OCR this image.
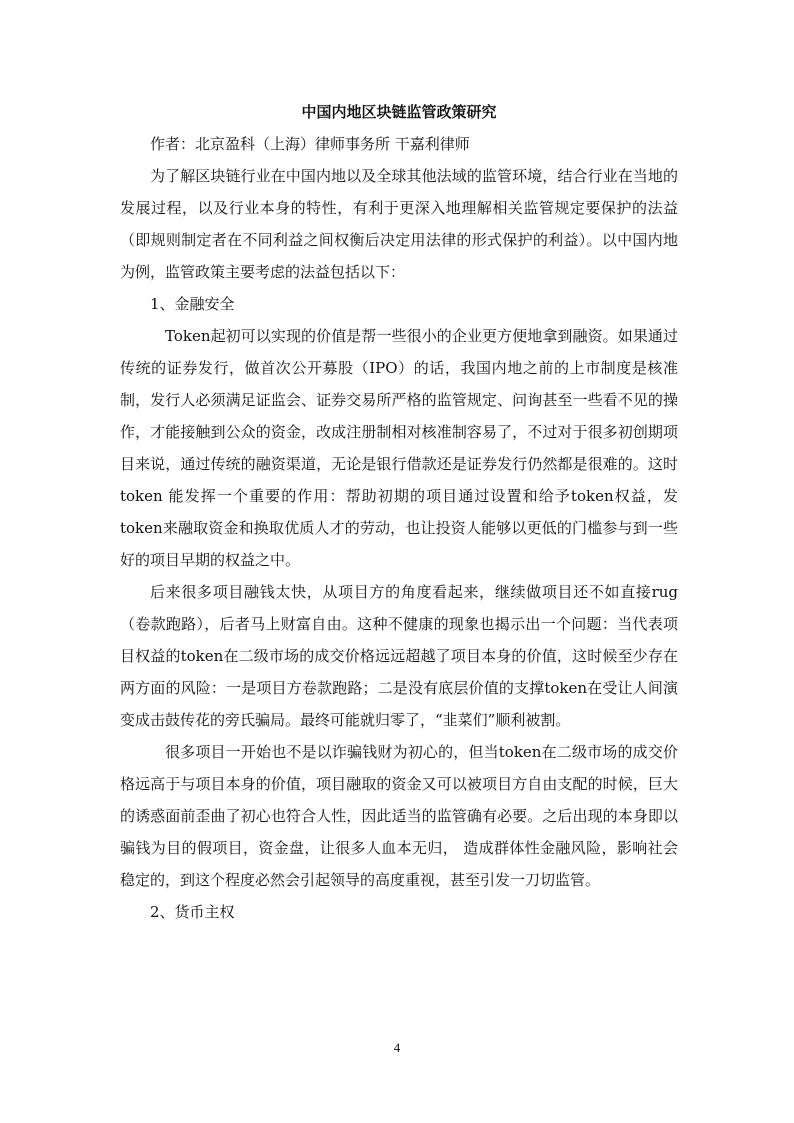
中国内地区块链监管政策研究

作者：北京盈科（上海）律师事务所 干嘉利律师

为了解区块链行业在中国内地以及全球其他法域的监管环境，结合行业在当地的发展过程，以及行业本身的特性，有利于更深入地理解相关监管规定要保护的法益（即规则制定者在不同利益之间权衡后决定用法律的形式保护的利益）。以中国内地为例，监管政策主要考虑的法益包括以下：

1、金融安全

Token起初可以实现的价值是帮一些很小的企业更方便地拿到融资。如果通过传统的证券发行，做首次公开募股（IPO）的话，我国内地之前的上市制度是核准制，发行人必须满足证监会、证券交易所严格的监管规定、问询甚至一些看不见的操作，才能接触到公众的资金，改成注册制相对核准制容易了，不过对于很多初创期项目来说，通过传统的融资渠道，无论是银行借款还是证券发行仍然都是很难的。这时token 能发挥一个重要的作用：帮助初期的项目通过设置和给予token权益，发token来融取资金和换取优质人才的劳动，也让投资人能够以更低的门槛参与到一些好的项目早期的权益之中。

后来很多项目融钱太快，从项目方的角度看起来，继续做项目还不如直接rug （卷款跑路），后者马上财富自由。这种不健康的现象也揭示出一个问题：当代表项目权益的token在二级市场的成交价格远远超越了项目本身的价值，这时候至少存在两方面的风险：一是项目方卷款跑路；二是没有底层价值的支撑token在受让人间演变成击鼓传花的旁氏骗局。最终可能就归零了，“韭菜们”顺利被割。

很多项目一开始也不是以诈骗钱财为初心的，但当token在二级市场的成交价格远高于与项目本身的价值，项目融取的资金又可以被项目方自由支配的时候，巨大的诱惑面前歪曲了初心也符合人性，因此适当的监管确有必要。之后出现的本身即以骗钱为目的假项目，资金盘，让很多人血本无归， 造成群体性金融风险，影响社会稳定的，到这个程度必然会引起领导的高度重视，甚至引发一刀切监管。

2、货币主权

4
